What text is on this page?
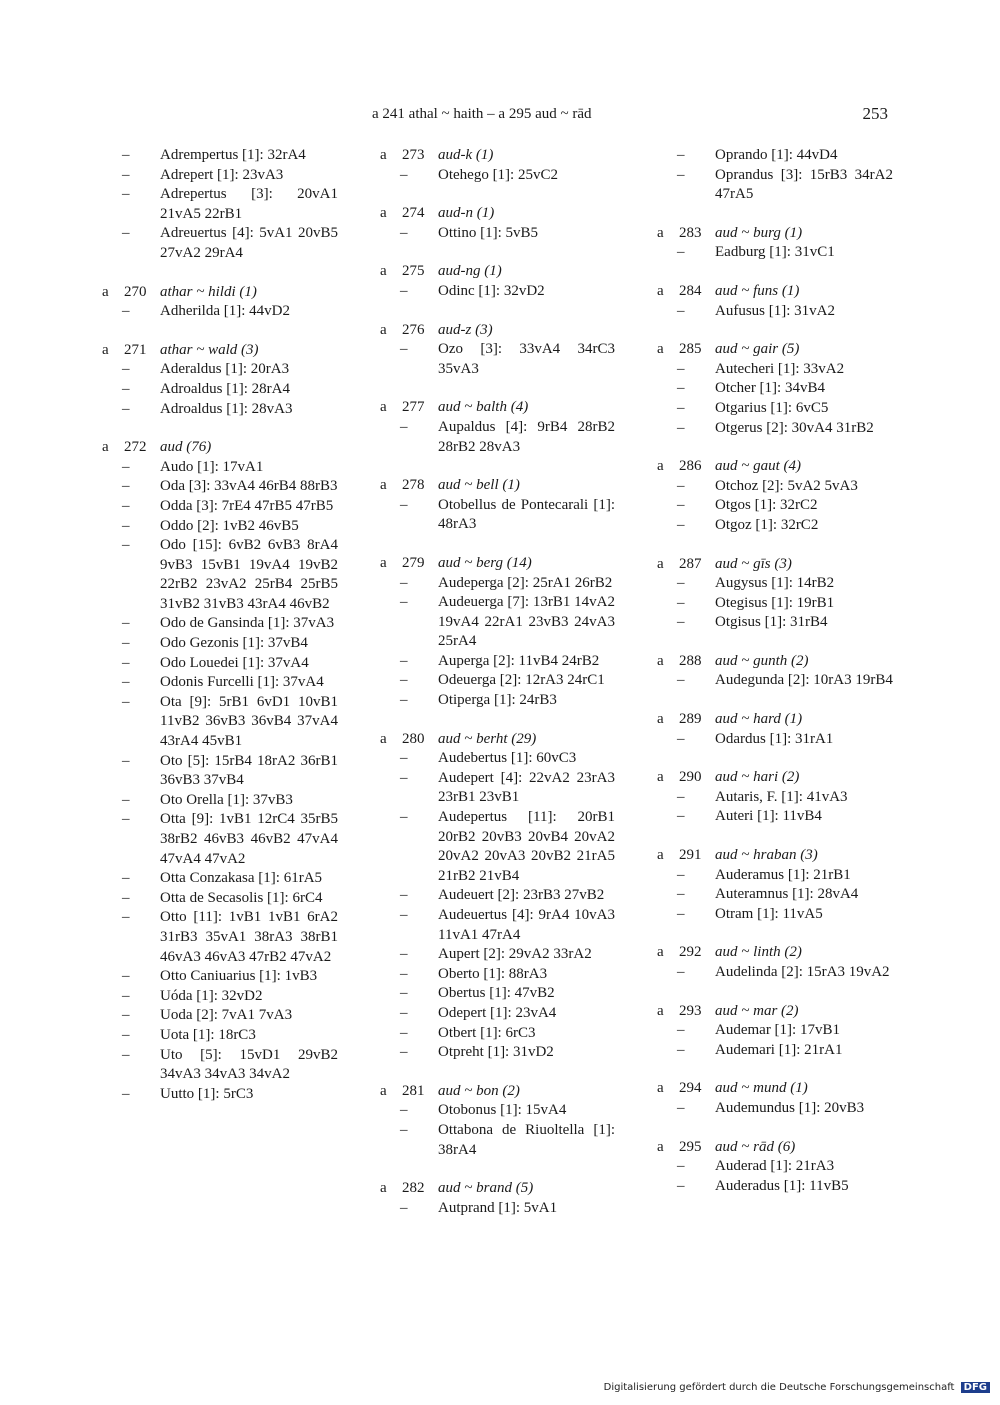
a 241 athal ~ haith – a 295 aud ~ rād	253
– Adrempertus [1]: 32rA4
– Adrepert [1]: 23vA3
– Adrepertus [3]: 20vA1 21vA5 22rB1
– Adreuertus [4]: 5vA1 20vB5 27vA2 29rA4
a 270 athar ~ hildi (1)
– Adherilda [1]: 44vD2
a 271 athar ~ wald (3)
– Aderaldus [1]: 20rA3
– Adroaldus [1]: 28rA4
– Adroaldus [1]: 28vA3
a 272 aud (76)
– Audo [1]: 17vA1
– Oda [3]: 33vA4 46rB4 88rB3
– Odda [3]: 7rE4 47rB5 47rB5
– Oddo [2]: 1vB2 46vB5
– Odo [15]: 6vB2 6vB3 8rA4 9vB3 15vB1 19vA4 19vB2 22rB2 23vA2 25rB4 25rB5 31vB2 31vB3 43rA4 46vB2
– Odo de Gansinda [1]: 37vA3
– Odo Gezonis [1]: 37vB4
– Odo Louedei [1]: 37vA4
– Odonis Furcelli [1]: 37vA4
– Ota [9]: 5rB1 6vD1 10vB1 11vB2 36vB3 36vB4 37vA4 43rA4 45vB1
– Oto [5]: 15rB4 18rA2 36rB1 36vB3 37vB4
– Oto Orella [1]: 37vB3
– Otta [9]: 1vB1 12rC4 35rB5 38rB2 46vB3 46vB2 47vA4 47vA4 47vA2
– Otta Conzakasa [1]: 61rA5
– Otta de Secasolis [1]: 6rC4
– Otto [11]: 1vB1 1vB1 6rA2 31rB3 35vA1 38rA3 38rB1 46vA3 46vA3 47rB2 47vA2
– Otto Caniuarius [1]: 1vB3
– Uóda [1]: 32vD2
– Uoda [2]: 7vA1 7vA3
– Uota [1]: 18rC3
– Uto [5]: 15vD1 29vB2 34vA3 34vA3 34vA2
– Uutto [1]: 5rC3
a 273 aud-k (1)
– Otehego [1]: 25vC2
a 274 aud-n (1)
– Ottino [1]: 5vB5
a 275 aud-ng (1)
– Odinc [1]: 32vD2
a 276 aud-z (3)
– Ozo [3]: 33vA4 34rC3 35vA3
a 277 aud ~ balth (4)
– Aupaldus [4]: 9rB4 28rB2 28rB2 28vA3
a 278 aud ~ bell (1)
– Otobellus de Pontecarali [1]: 48rA3
a 279 aud ~ berg (14)
– Audeperga [2]: 25rA1 26rB2
– Audeuerga [7]: 13rB1 14vA2 19vA4 22rA1 23vB3 24vA3 25rA4
– Auperga [2]: 11vB4 24rB2
– Odeuerga [2]: 12rA3 24rC1
– Otiperga [1]: 24rB3
a 280 aud ~ berht (29)
– Audebertus [1]: 60vC3
– Audepert [4]: 22vA2 23rA3 23rB1 23vB1
– Audepertus [11]: 20rB1 20rB2 20vB3 20vB4 20vA2 20vA2 20vA3 20vB2 21rA5 21rB2 21vB4
– Audeuert [2]: 23rB3 27vB2
– Audeuertus [4]: 9rA4 10vA3 11vA1 47rA4
– Aupert [2]: 29vA2 33rA2
– Oberto [1]: 88rA3
– Obertus [1]: 47vB2
– Odepert [1]: 23vA4
– Otbert [1]: 6rC3
– Otpreht [1]: 31vD2
a 281 aud ~ bon (2)
– Otobonus [1]: 15vA4
– Ottabona de Riuoltella [1]: 38rA4
a 282 aud ~ brand (5)
– Autprand [1]: 5vA1
– Oprando [1]: 44vD4
– Oprandus [3]: 15rB3 34rA2 47rA5
a 283 aud ~ burg (1)
– Eadburg [1]: 31vC1
a 284 aud ~ funs (1)
– Aufusus [1]: 31vA2
a 285 aud ~ gair (5)
– Autecheri [1]: 33vA2
– Otcher [1]: 34vB4
– Otgarius [1]: 6vC5
– Otgerus [2]: 30vA4 31rB2
a 286 aud ~ gaut (4)
– Otchoz [2]: 5vA2 5vA3
– Otgos [1]: 32rC2
– Otgoz [1]: 32rC2
a 287 aud ~ gīs (3)
– Augysus [1]: 14rB2
– Otegisus [1]: 19rB1
– Otgisus [1]: 31rB4
a 288 aud ~ gunth (2)
– Audegunda [2]: 10rA3 19rB4
a 289 aud ~ hard (1)
– Odardus [1]: 31rA1
a 290 aud ~ hari (2)
– Autaris, F. [1]: 41vA3
– Auteri [1]: 11vB4
a 291 aud ~ hraban (3)
– Auderamus [1]: 21rB1
– Auteramnus [1]: 28vA4
– Otram [1]: 11vA5
a 292 aud ~ linth (2)
– Audelinda [2]: 15rA3 19vA2
a 293 aud ~ mar (2)
– Audemar [1]: 17vB1
– Audemari [1]: 21rA1
a 294 aud ~ mund (1)
– Audemundus [1]: 20vB3
a 295 aud ~ rād (6)
– Auderad [1]: 21rA3
– Auderadus [1]: 11vB5
Digitalisierung gefördert durch die Deutsche Forschungsgemeinschaft DFG
